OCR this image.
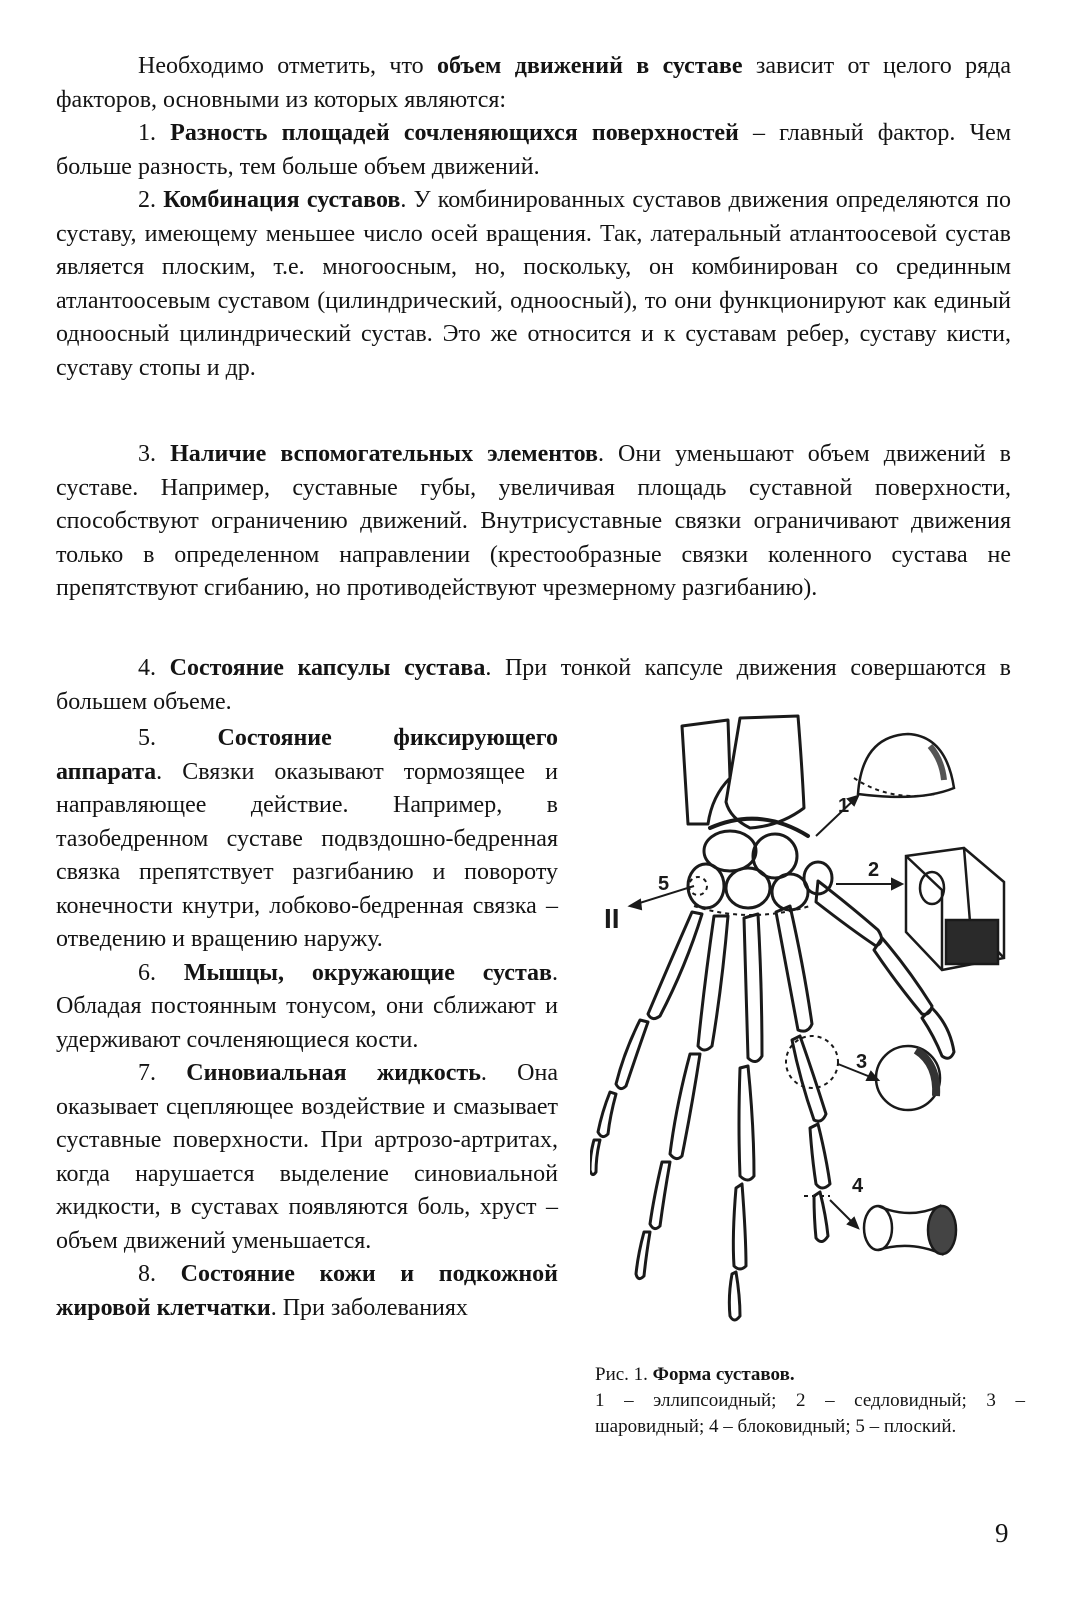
Необходимо отметить, что объем движений в суставе зависит от целого ряда факторов, основными из которых являются:

1. Разность площадей сочленяющихся поверхностей – главный фактор. Чем больше разность, тем больше объем движений.

2. Комбинация суставов. У комбинированных суставов движения определяются по суставу, имеющему меньшее число осей вращения. Так, латеральный атлантоосевой сустав является плоским, т.е. многоосным, но, поскольку, он комбинирован со срединным атлантоосевым суставом (цилиндрический, одноосный), то они функционируют как единый одноосный цилиндрический сустав. Это же относится и к суставам ребер, суставу кисти, суставу стопы и др.

3. Наличие вспомогательных элементов. Они уменьшают объем движений в суставе. Например, суставные губы, увеличивая площадь суставной поверхности, способствуют ограничению движений. Внутрисуставные связки ограничивают движения только в определенном направлении (крестообразные связки коленного сустава не препятствуют сгибанию, но противодействуют чрезмерному разгибанию).

4. Состояние капсулы сустава. При тонкой капсуле движения совершаются в большем объеме.

5. Состояние фиксирующего аппарата. Связки оказывают тормозящее и направляющее действие. Например, в тазобедренном суставе подвздошно-бедренная связка препятствует разгибанию и повороту конечности кнутри, лобково-бедренная связка – отведению и вращению наружу.

6. Мышцы, окружающие сустав. Обладая постоянным тонусом, они сближают и удерживают сочленяющиеся кости.

7. Синовиальная жидкость. Она оказывает сцепляющее воздействие и смазывает суставные поверхности. При артрозо-артритах, когда нарушается выделение синовиальной жидкости, в суставах появляются боль, хруст – объем движений уменьшается.

8. Состояние кожи и подкожной жировой клетчатки. При заболеваниях

1
2
3
4
5
II

Рис. 1. Форма суставов.
1 – эллипсоидный; 2 – седловидный; 3 – шаровидный; 4 – блоковидный; 5 – плоский.

9
